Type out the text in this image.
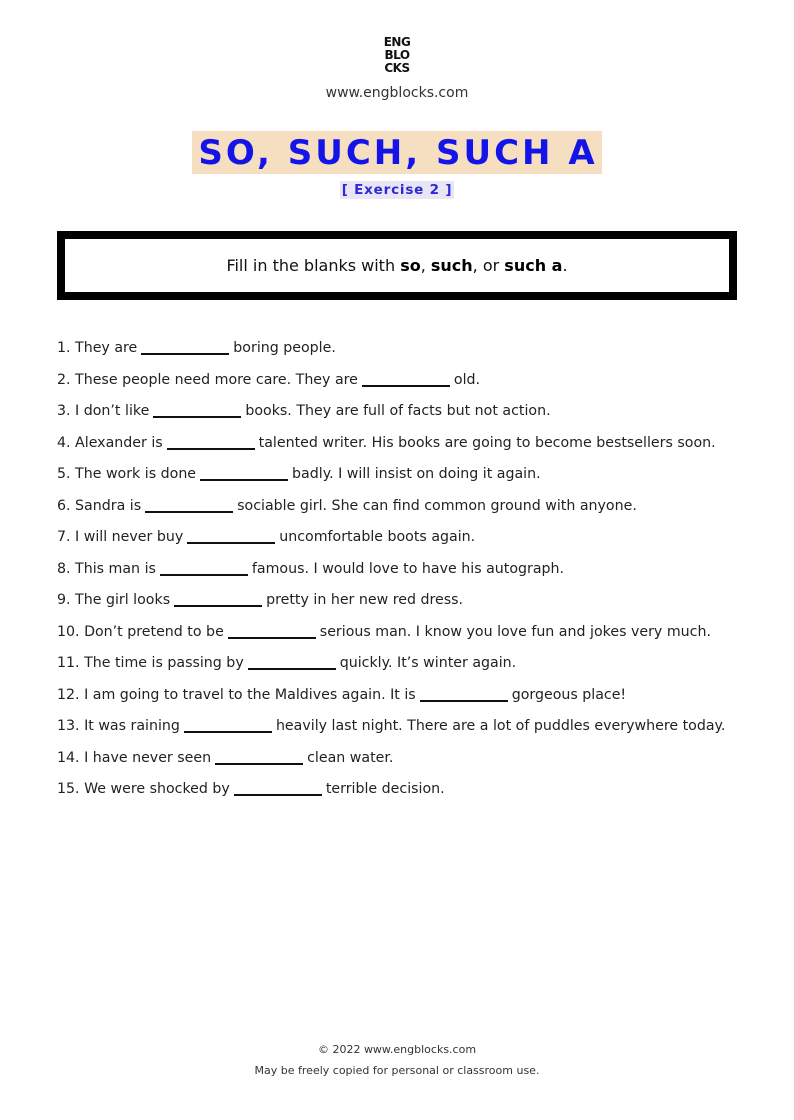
ENG
BLO
CKS
www.engblocks.com
SO, SUCH, SUCH A
[ Exercise 2 ]
Fill in the blanks with so, such, or such a.
1. They are	boring people.
2. These people need more care. They are	old.
3. I don’t like	books. They are full of facts but not action.
4. Alexander is	talented writer. His books are going to become bestsellers soon.
5. The work is done	badly. I will insist on doing it again.
6. Sandra is	sociable girl. She can find common ground with anyone.
7. I will never buy	uncomfortable boots again.
8. This man is	famous. I would love to have his autograph.
9. The girl looks	pretty in her new red dress.
10. Don’t pretend to be	serious man. I know you love fun and jokes very much.
11. The time is passing by	quickly. It’s winter again.
12. I am going to travel to the Maldives again. It is	gorgeous place!
13. It was raining	heavily last night. There are a lot of puddles everywhere today.
14. I have never seen	clean water.
15. We were shocked by	terrible decision.
© 2022 www.engblocks.com
May be freely copied for personal or classroom use.
